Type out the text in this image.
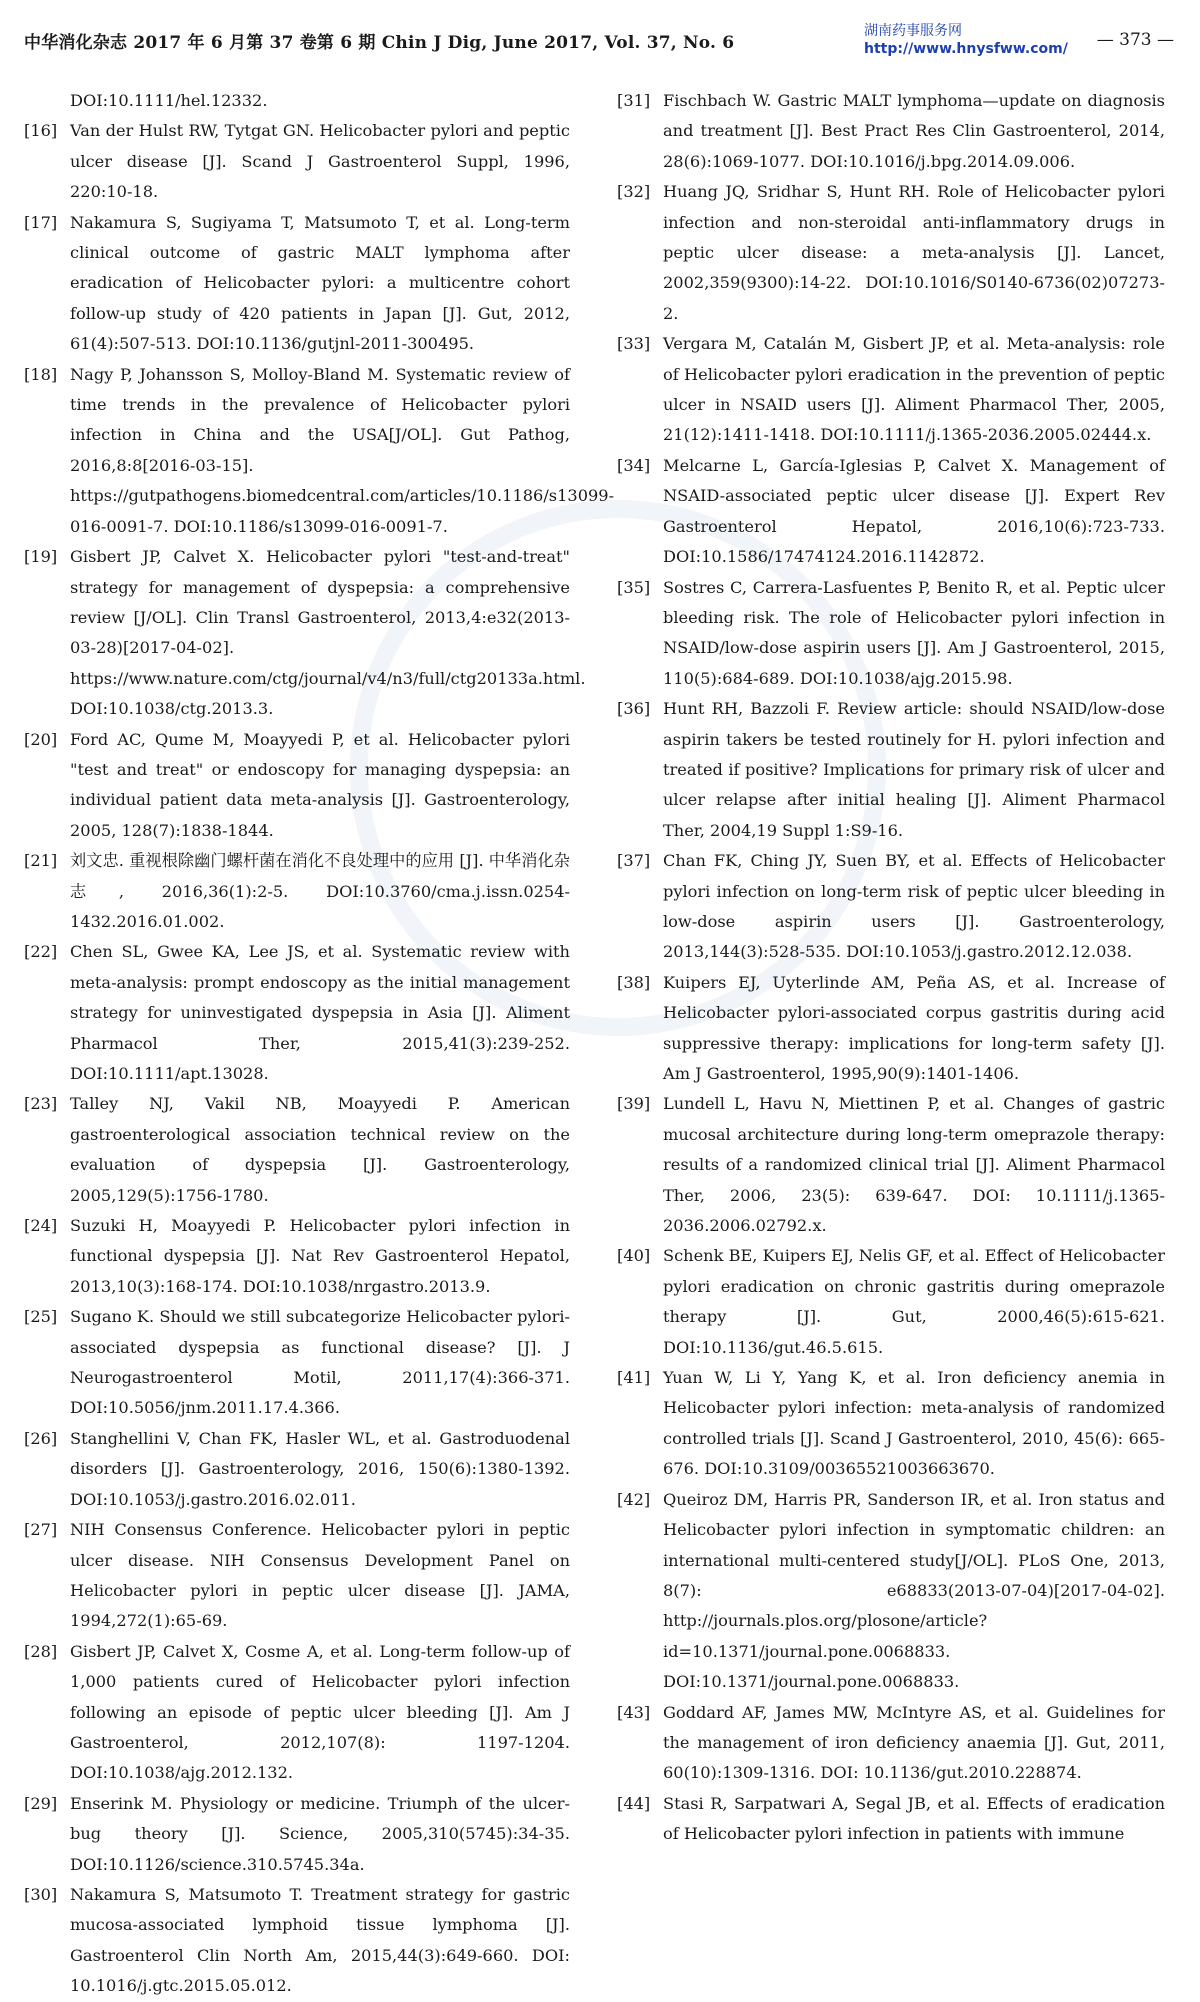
中华消化杂志 2017 年 6 月第 37 卷第 6 期 Chin J Dig, June 2017, Vol. 37, No. 6
湖南药事服务网
http://www.hnysfww.com/ — 373 —
DOI:10.1111/hel.12332.
[16] Van der Hulst RW, Tytgat GN. Helicobacter pylori and peptic ulcer disease [J]. Scand J Gastroenterol Suppl, 1996, 220:10-18.
[17] Nakamura S, Sugiyama T, Matsumoto T, et al. Long-term clinical outcome of gastric MALT lymphoma after eradication of Helicobacter pylori: a multicentre cohort follow-up study of 420 patients in Japan [J]. Gut, 2012, 61(4):507-513. DOI:10.1136/gutjnl-2011-300495.
[18] Nagy P, Johansson S, Molloy-Bland M. Systematic review of time trends in the prevalence of Helicobacter pylori infection in China and the USA[J/OL]. Gut Pathog, 2016,8:8[2016-03-15]. https://gutpathogens.biomedcentral.com/articles/10.1186/s13099-016-0091-7. DOI:10.1186/s13099-016-0091-7.
[19] Gisbert JP, Calvet X. Helicobacter pylori "test-and-treat" strategy for management of dyspepsia: a comprehensive review [J/OL]. Clin Transl Gastroenterol, 2013,4:e32(2013-03-28)[2017-04-02]. https://www.nature.com/ctg/journal/v4/n3/full/ctg20133a.html. DOI:10.1038/ctg.2013.3.
[20] Ford AC, Qume M, Moayyedi P, et al. Helicobacter pylori "test and treat" or endoscopy for managing dyspepsia: an individual patient data meta-analysis [J]. Gastroenterology, 2005, 128(7):1838-1844.
[21] 刘文忠. 重视根除幽门螺杆菌在消化不良处理中的应用 [J]. 中华消化杂志, 2016,36(1):2-5. DOI:10.3760/cma.j.issn.0254-1432.2016.01.002.
[22] Chen SL, Gwee KA, Lee JS, et al. Systematic review with meta-analysis: prompt endoscopy as the initial management strategy for uninvestigated dyspepsia in Asia [J]. Aliment Pharmacol Ther, 2015,41(3):239-252. DOI:10.1111/apt.13028.
[23] Talley NJ, Vakil NB, Moayyedi P. American gastroenterological association technical review on the evaluation of dyspepsia [J]. Gastroenterology, 2005,129(5):1756-1780.
[24] Suzuki H, Moayyedi P. Helicobacter pylori infection in functional dyspepsia [J]. Nat Rev Gastroenterol Hepatol, 2013,10(3):168-174. DOI:10.1038/nrgastro.2013.9.
[25] Sugano K. Should we still subcategorize Helicobacter pylori-associated dyspepsia as functional disease? [J]. J Neurogastroenterol Motil, 2011,17(4):366-371. DOI:10.5056/jnm.2011.17.4.366.
[26] Stanghellini V, Chan FK, Hasler WL, et al. Gastroduodenal disorders [J]. Gastroenterology, 2016, 150(6):1380-1392. DOI:10.1053/j.gastro.2016.02.011.
[27] NIH Consensus Conference. Helicobacter pylori in peptic ulcer disease. NIH Consensus Development Panel on Helicobacter pylori in peptic ulcer disease [J]. JAMA, 1994,272(1):65-69.
[28] Gisbert JP, Calvet X, Cosme A, et al. Long-term follow-up of 1,000 patients cured of Helicobacter pylori infection following an episode of peptic ulcer bleeding [J]. Am J Gastroenterol, 2012,107(8): 1197-1204. DOI:10.1038/ajg.2012.132.
[29] Enserink M. Physiology or medicine. Triumph of the ulcer-bug theory [J]. Science, 2005,310(5745):34-35. DOI:10.1126/science.310.5745.34a.
[30] Nakamura S, Matsumoto T. Treatment strategy for gastric mucosa-associated lymphoid tissue lymphoma [J]. Gastroenterol Clin North Am, 2015,44(3):649-660. DOI: 10.1016/j.gtc.2015.05.012.
[31] Fischbach W. Gastric MALT lymphoma—update on diagnosis and treatment [J]. Best Pract Res Clin Gastroenterol, 2014, 28(6):1069-1077. DOI:10.1016/j.bpg.2014.09.006.
[32] Huang JQ, Sridhar S, Hunt RH. Role of Helicobacter pylori infection and non-steroidal anti-inflammatory drugs in peptic ulcer disease: a meta-analysis [J]. Lancet, 2002,359(9300):14-22. DOI:10.1016/S0140-6736(02)07273-2.
[33] Vergara M, Catalán M, Gisbert JP, et al. Meta-analysis: role of Helicobacter pylori eradication in the prevention of peptic ulcer in NSAID users [J]. Aliment Pharmacol Ther, 2005, 21(12):1411-1418. DOI:10.1111/j.1365-2036.2005.02444.x.
[34] Melcarne L, García-Iglesias P, Calvet X. Management of NSAID-associated peptic ulcer disease [J]. Expert Rev Gastroenterol Hepatol, 2016,10(6):723-733. DOI:10.1586/17474124.2016.1142872.
[35] Sostres C, Carrera-Lasfuentes P, Benito R, et al. Peptic ulcer bleeding risk. The role of Helicobacter pylori infection in NSAID/low-dose aspirin users [J]. Am J Gastroenterol, 2015, 110(5):684-689. DOI:10.1038/ajg.2015.98.
[36] Hunt RH, Bazzoli F. Review article: should NSAID/low-dose aspirin takers be tested routinely for H. pylori infection and treated if positive? Implications for primary risk of ulcer and ulcer relapse after initial healing [J]. Aliment Pharmacol Ther, 2004,19 Suppl 1:S9-16.
[37] Chan FK, Ching JY, Suen BY, et al. Effects of Helicobacter pylori infection on long-term risk of peptic ulcer bleeding in low-dose aspirin users [J]. Gastroenterology, 2013,144(3):528-535. DOI:10.1053/j.gastro.2012.12.038.
[38] Kuipers EJ, Uyterlinde AM, Peña AS, et al. Increase of Helicobacter pylori-associated corpus gastritis during acid suppressive therapy: implications for long-term safety [J]. Am J Gastroenterol, 1995,90(9):1401-1406.
[39] Lundell L, Havu N, Miettinen P, et al. Changes of gastric mucosal architecture during long-term omeprazole therapy: results of a randomized clinical trial [J]. Aliment Pharmacol Ther, 2006, 23(5): 639-647. DOI: 10.1111/j.1365-2036.2006.02792.x.
[40] Schenk BE, Kuipers EJ, Nelis GF, et al. Effect of Helicobacter pylori eradication on chronic gastritis during omeprazole therapy [J]. Gut, 2000,46(5):615-621. DOI:10.1136/gut.46.5.615.
[41] Yuan W, Li Y, Yang K, et al. Iron deficiency anemia in Helicobacter pylori infection: meta-analysis of randomized controlled trials [J]. Scand J Gastroenterol, 2010, 45(6): 665-676. DOI:10.3109/00365521003663670.
[42] Queiroz DM, Harris PR, Sanderson IR, et al. Iron status and Helicobacter pylori infection in symptomatic children: an international multi-centered study[J/OL]. PLoS One, 2013, 8(7): e68833(2013-07-04)[2017-04-02]. http://journals.plos.org/plosone/article? id=10.1371/journal.pone.0068833. DOI:10.1371/journal.pone.0068833.
[43] Goddard AF, James MW, McIntyre AS, et al. Guidelines for the management of iron deficiency anaemia [J]. Gut, 2011, 60(10):1309-1316. DOI: 10.1136/gut.2010.228874.
[44] Stasi R, Sarpatwari A, Segal JB, et al. Effects of eradication of Helicobacter pylori infection in patients with immune
